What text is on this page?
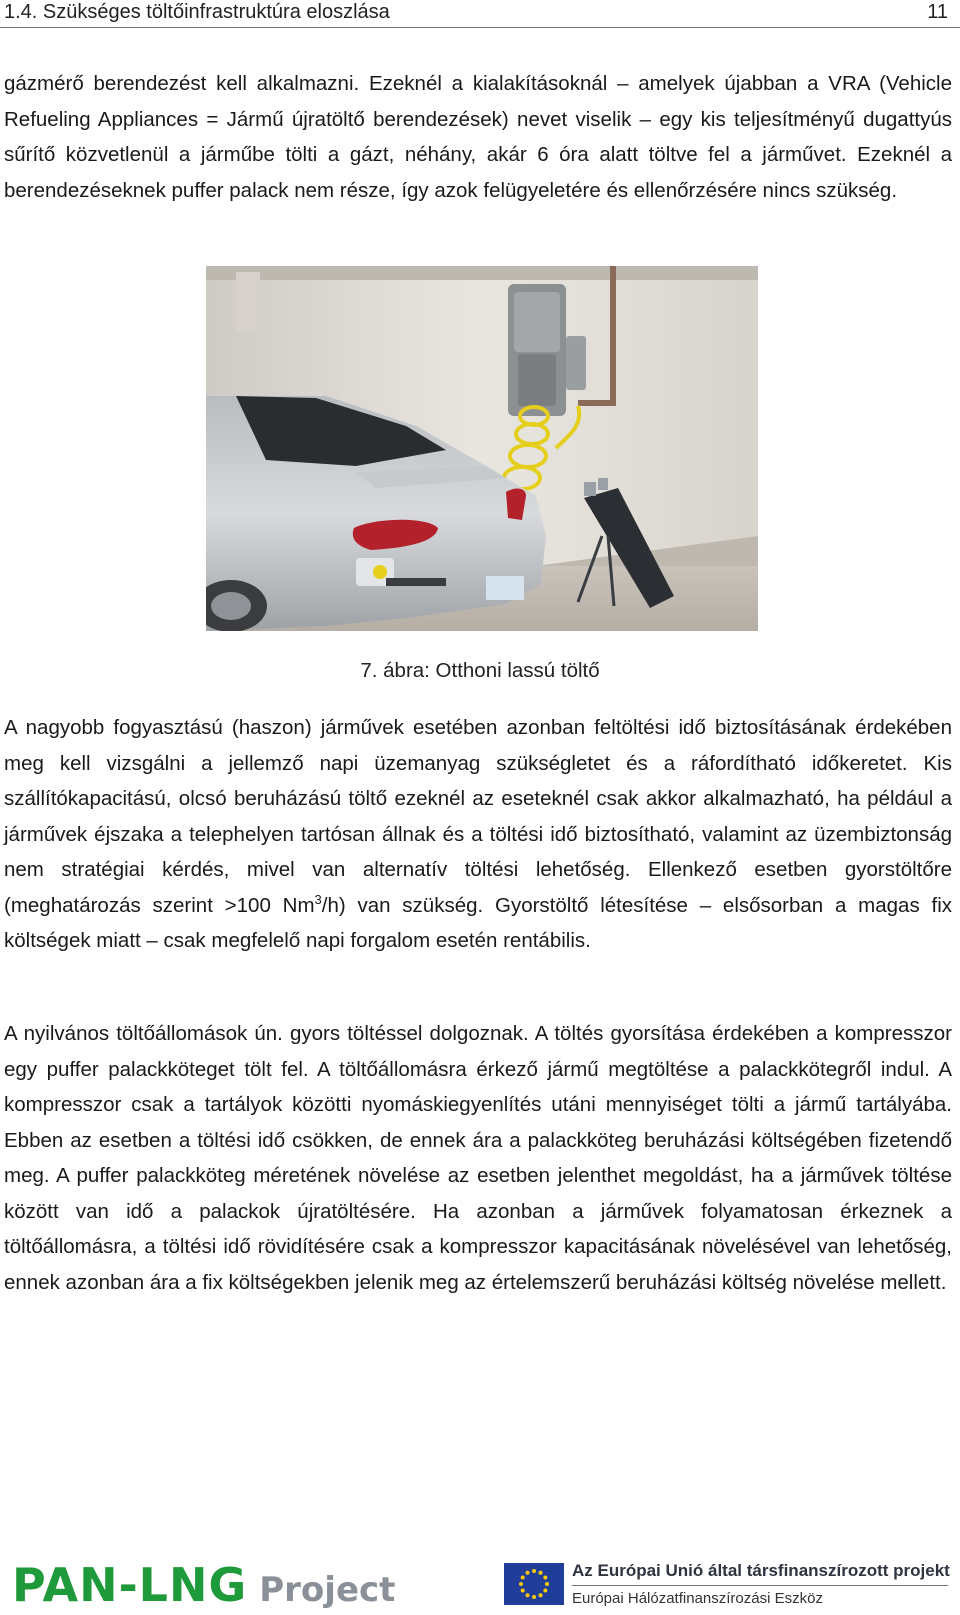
1.4. Szükséges töltőinfrastruktúra eloszlása	11

gázmérő berendezést kell alkalmazni. Ezeknél a kialakításoknál – amelyek újabban a VRA (Vehicle Refueling Appliances = Jármű újratöltő berendezések) nevet viselik – egy kis teljesítményű dugattyús sűrítő közvetlenül a járműbe tölti a gázt, néhány, akár 6 óra alatt töltve fel a járművet. Ezeknél a berendezéseknek puffer palack nem része, így azok felügyeletére és ellenőrzésére nincs szükség.

7. ábra: Otthoni lassú töltő

A nagyobb fogyasztású (haszon) járművek esetében azonban feltöltési idő biztosításának érdekében meg kell vizsgálni a jellemző napi üzemanyag szükségletet és a ráfordítható időkeretet. Kis szállítókapacitású, olcsó beruházású töltő ezeknél az eseteknél csak akkor alkalmazható, ha például a járművek éjszaka a telephelyen tartósan állnak és a töltési idő biztosítható, valamint az üzembiztonság nem stratégiai kérdés, mivel van alternatív töltési lehetőség. Ellenkező esetben gyorstöltőre (meghatározás szerint >100 Nm$^3$/h) van szükség. Gyorstöltő létesítése – elsősorban a magas fix költségek miatt – csak megfelelő napi forgalom esetén rentábilis.

A nyilvános töltőállomások ún. gyors töltéssel dolgoznak. A töltés gyorsítása érdekében a kompresszor egy puffer palackköteget tölt fel. A töltőállomásra érkező jármű megtöltése a palackkötegről indul. A kompresszor csak a tartályok közötti nyomáskiegyenlítés utáni mennyiséget tölti a jármű tartályába. Ebben az esetben a töltési idő csökken, de ennek ára a palackköteg beruházási költségében fizetendő meg. A puffer palackköteg méretének növelése az esetben jelenthet megoldást, ha a járművek töltése között van idő a palackok újratöltésére. Ha azonban a járművek folyamatosan érkeznek a töltőállomásra, a töltési idő rövidítésére csak a kompresszor kapacitásának növelésével van lehetőség, ennek azonban ára a fix költségekben jelenik meg az értelemszerű beruházási költség növelése mellett.

PAN-LNG Project	Az Európai Unió által társfinanszírozott projekt
Európai Hálózatfinanszírozási Eszköz
